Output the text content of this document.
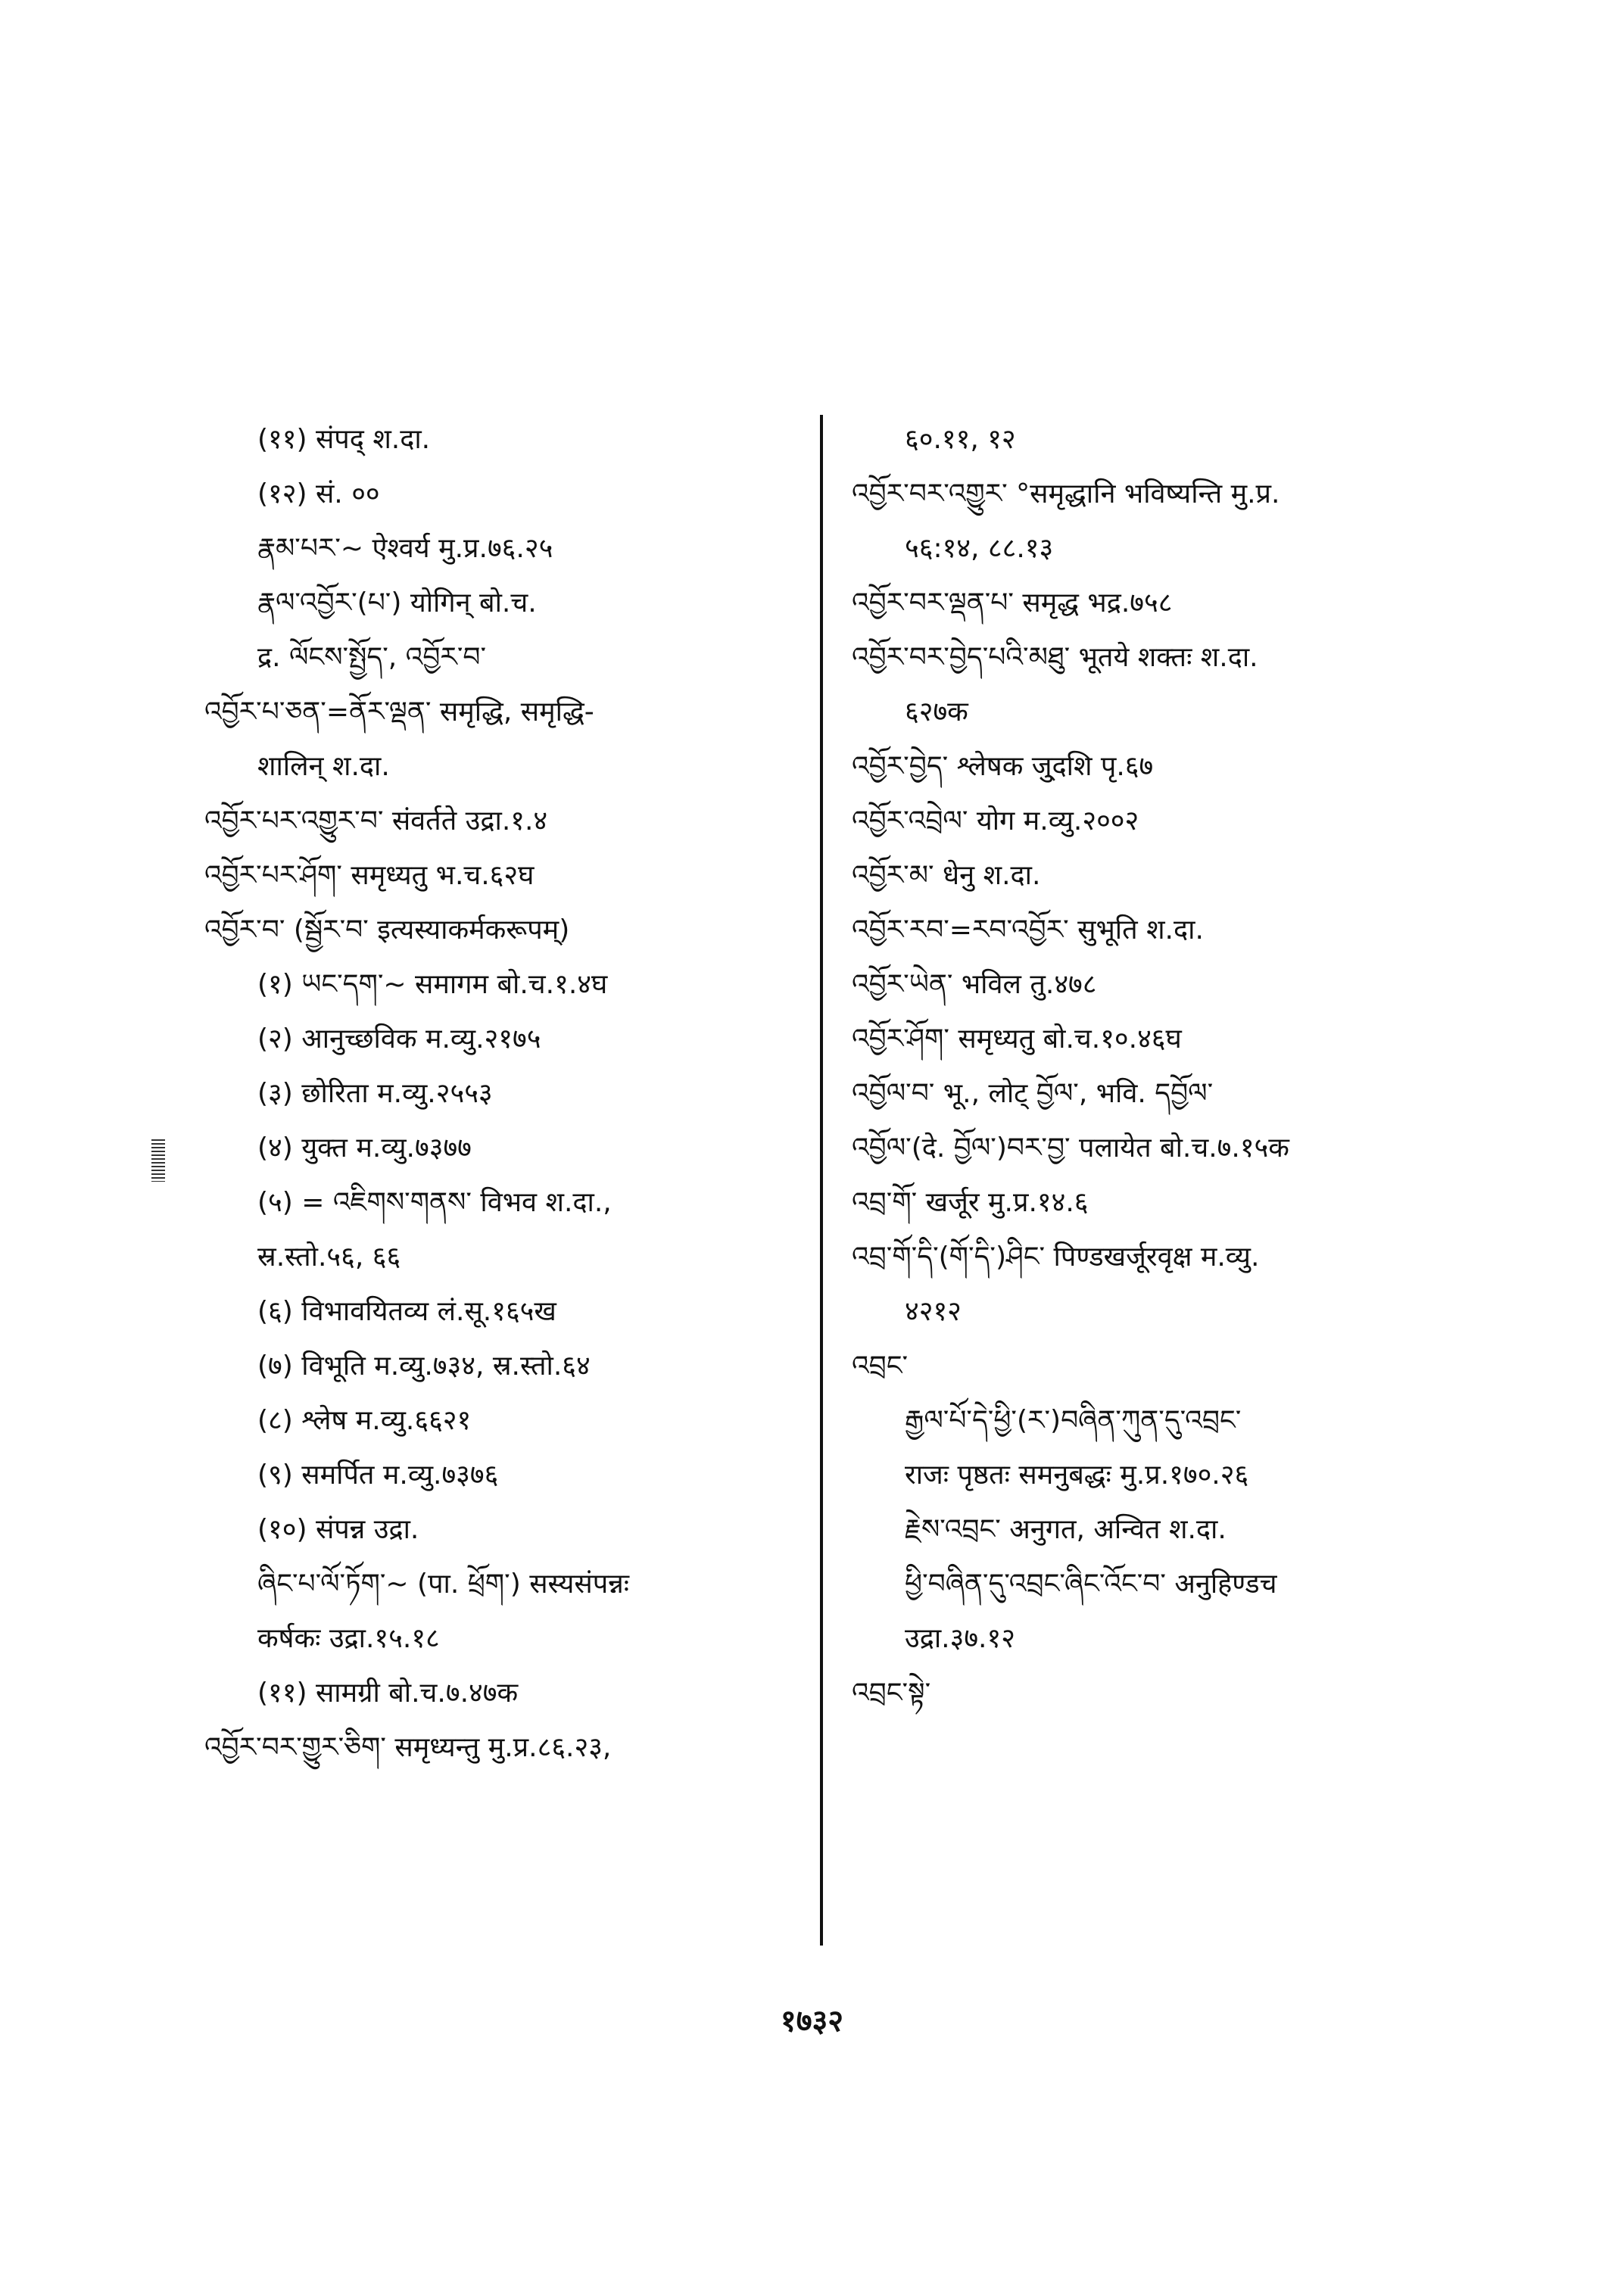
(११) संपद् श.दा.
(१२) सं. ००
རྣམ་པར་~ ऐश्वर्य मु.प्र.७६.२५
རྣལ་འབྱོར་(པ་) योगिन् बो.च.
द्र. ལོངས་སྤྱོད་, འབྱོར་བ་
འབྱོར་པ་ཅན་=ནོར་ལྡན་ समृद्धि, समृद्धि-
शालिन् श.दा.
འབྱོར་པར་འགྱུར་བ་ संवर्तते उद्रा.१.४
འབྱོར་པར་ཤོག་ समृध्यतु भ.च.६२घ
འབྱོར་བ་ (སྦྱོར་བ་ इत्यस्याकर्मकरूपम्)
(१) ཡང་དག་~ समागम बो.च.१.४घ
(२) आनुच्छविक म.व्यु.२१७५
(३) छोरिता म.व्यु.२५५३
(४) युक्त म.व्यु.७३७७
(५) = འཇིགས་གནས་ विभव श.दा.,
स्र.स्तो.५६, ६६
(६) विभावयितव्य लं.सू.१६५ख
(७) विभूति म.व्यु.७३४, स्र.स्तो.६४
(८) श्लेष म.व्यु.६६२१
(९) समर्पित म.व्यु.७३७६
(१०) संपन्न उद्रा.
ཞིང་པ་ལོ་ཏོག་~ (पा. ཕྲོག་) सस्यसंपन्नः
कर्षकः उद्रा.१५.१८
(११) सामग्री बो.च.७.४७क
འབྱོར་བར་གྱུར་ཅིག་ समृध्यन्तु मु.प्र.८६.२३,
६०.११, १२
འབྱོར་བར་འགྱུར་ °समृद्धानि भविष्यन्ति मु.प्र.
५६:१४, ८८.१३
འབྱོར་བར་ལྡན་པ་ समृद्ध भद्र.७५८
འབྱོར་བར་བྱེད་པའི་མཐུ་ भूतये शक्तः श.दा.
६२७क
འབྱོར་བྱེད་ श्लेषक जु्दशि पृ.६७
འབྱོར་འབྲེལ་ योग म.व्यु.२००२
འབྱོར་མ་ धेनु श.दा.
འབྱོར་རབ་=རབ་འབྱོར་ सुभूति श.दा.
འབྱོར་ཡེན་ भविल तु.४७८
འབྱོར་ཤོག་ समृध्यतु बो.च.१०.४६घ
འབྱོལ་བ་ भू., लोट् བྱོལ་, भवि. དབྱོལ་
འབྱོལ་(दे. བྱོལ་)བར་བྱ་ पलायेत बो.च.७.१५क
འབྲ་གོ་ खर्जूर मु.प्र.१४.६
འབྲ་གོ་དི་(གོ་དི་)ཤིང་ पिण्डखर्जूरवृक्ष म.व्यु.
४२१२
འབྲང་
རྒྱལ་པོ་དེ་ཕྱི་(ར་)བཞིན་ཀུན་དུ་འབྲང་
राजः पृष्ठतः समनुबद्धः मु.प्र.१७०.२६
རྗེས་འབྲང་ अनुगत, अन्वित श.दा.
ཕྱི་བཞིན་དུ་འབྲང་ཞིང་འོང་བ་ अनुहिण्डच
उद्रा.३७.१२
འབྲང་སྟེ་
१७३२
